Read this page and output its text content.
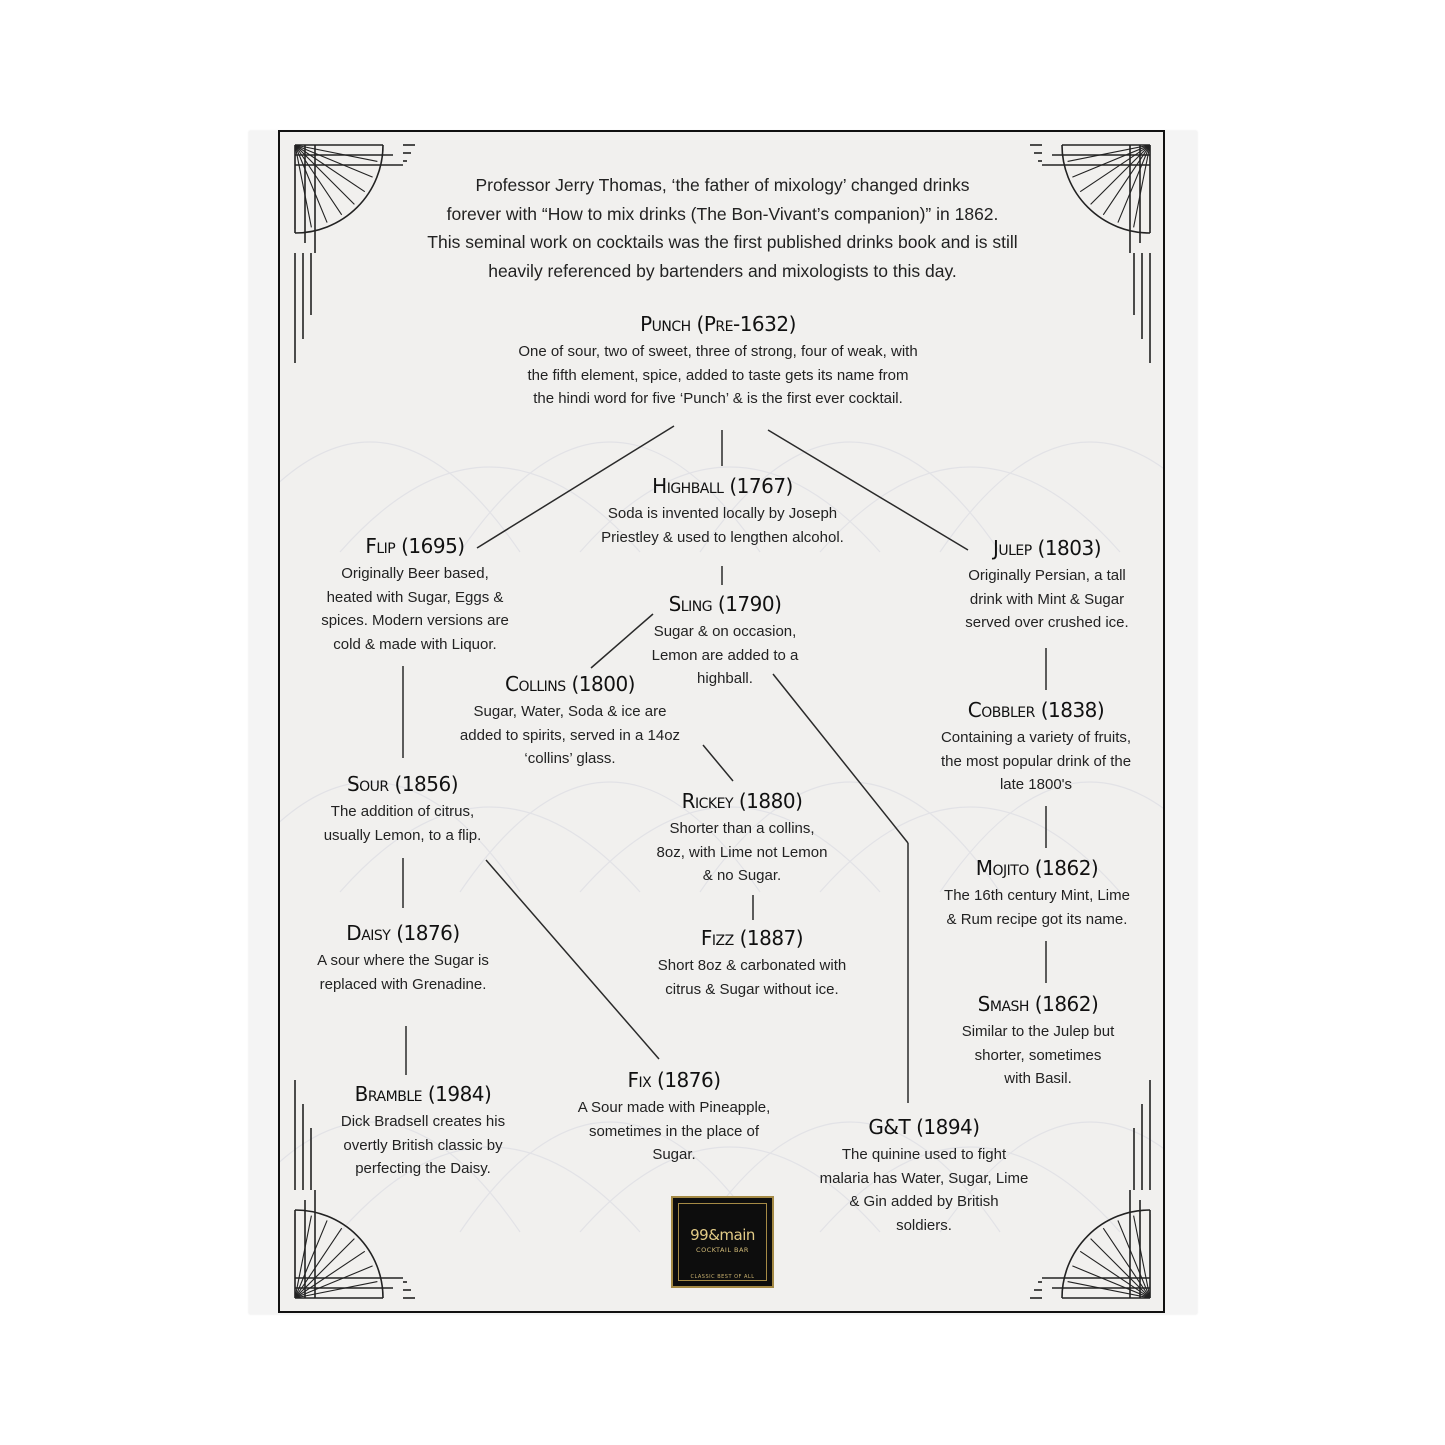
Professor Jerry Thomas, ‘the father of mixology’ changed drinks
forever with “How to mix drinks (The Bon-Vivant’s companion)” in 1862.
This seminal work on cocktails was the first published drinks book and is still
heavily referenced by bartenders and mixologists to this day.
Punch (Pre-1632)
One of sour, two of sweet, three of strong, four of weak, with
the fifth element, spice, added to taste gets its name from
the hindi word for five ‘Punch’ & is the first ever cocktail.
Highball (1767)
Soda is invented locally by Joseph
Priestley & used to lengthen alcohol.
Flip (1695)
Originally Beer based,
heated with Sugar, Eggs &
spices. Modern versions are
cold & made with Liquor.
Julep (1803)
Originally Persian, a tall
drink with Mint & Sugar
served over crushed ice.
Sling (1790)
Sugar & on occasion,
Lemon are added to a
highball.
Collins (1800)
Sugar, Water, Soda & ice are
added to spirits, served in a 14oz
‘collins’ glass.
Cobbler (1838)
Containing a variety of fruits,
the most popular drink of the
late 1800's
Sour (1856)
The addition of citrus,
usually Lemon, to a flip.
Rickey (1880)
Shorter than a collins,
8oz, with Lime not Lemon
& no Sugar.	Mojito (1862)
The 16th century Mint, Lime
& Rum recipe got its name.
Daisy (1876)
A sour where the Sugar is
replaced with Grenadine.
Fizz (1887)
Short 8oz & carbonated with
citrus & Sugar without ice.
Smash (1862)
Similar to the Julep but
shorter, sometimes
with Basil.
Bramble (1984)
Dick Bradsell creates his
overtly British classic by
perfecting the Daisy.
Fix (1876)
A Sour made with Pineapple,
sometimes in the place of
Sugar.
G&T (1894)
The quinine used to fight
malaria has Water, Sugar, Lime
& Gin added by British
soldiers.
99&main
COCKTAIL BAR
CLASSIC BEST OF ALL
